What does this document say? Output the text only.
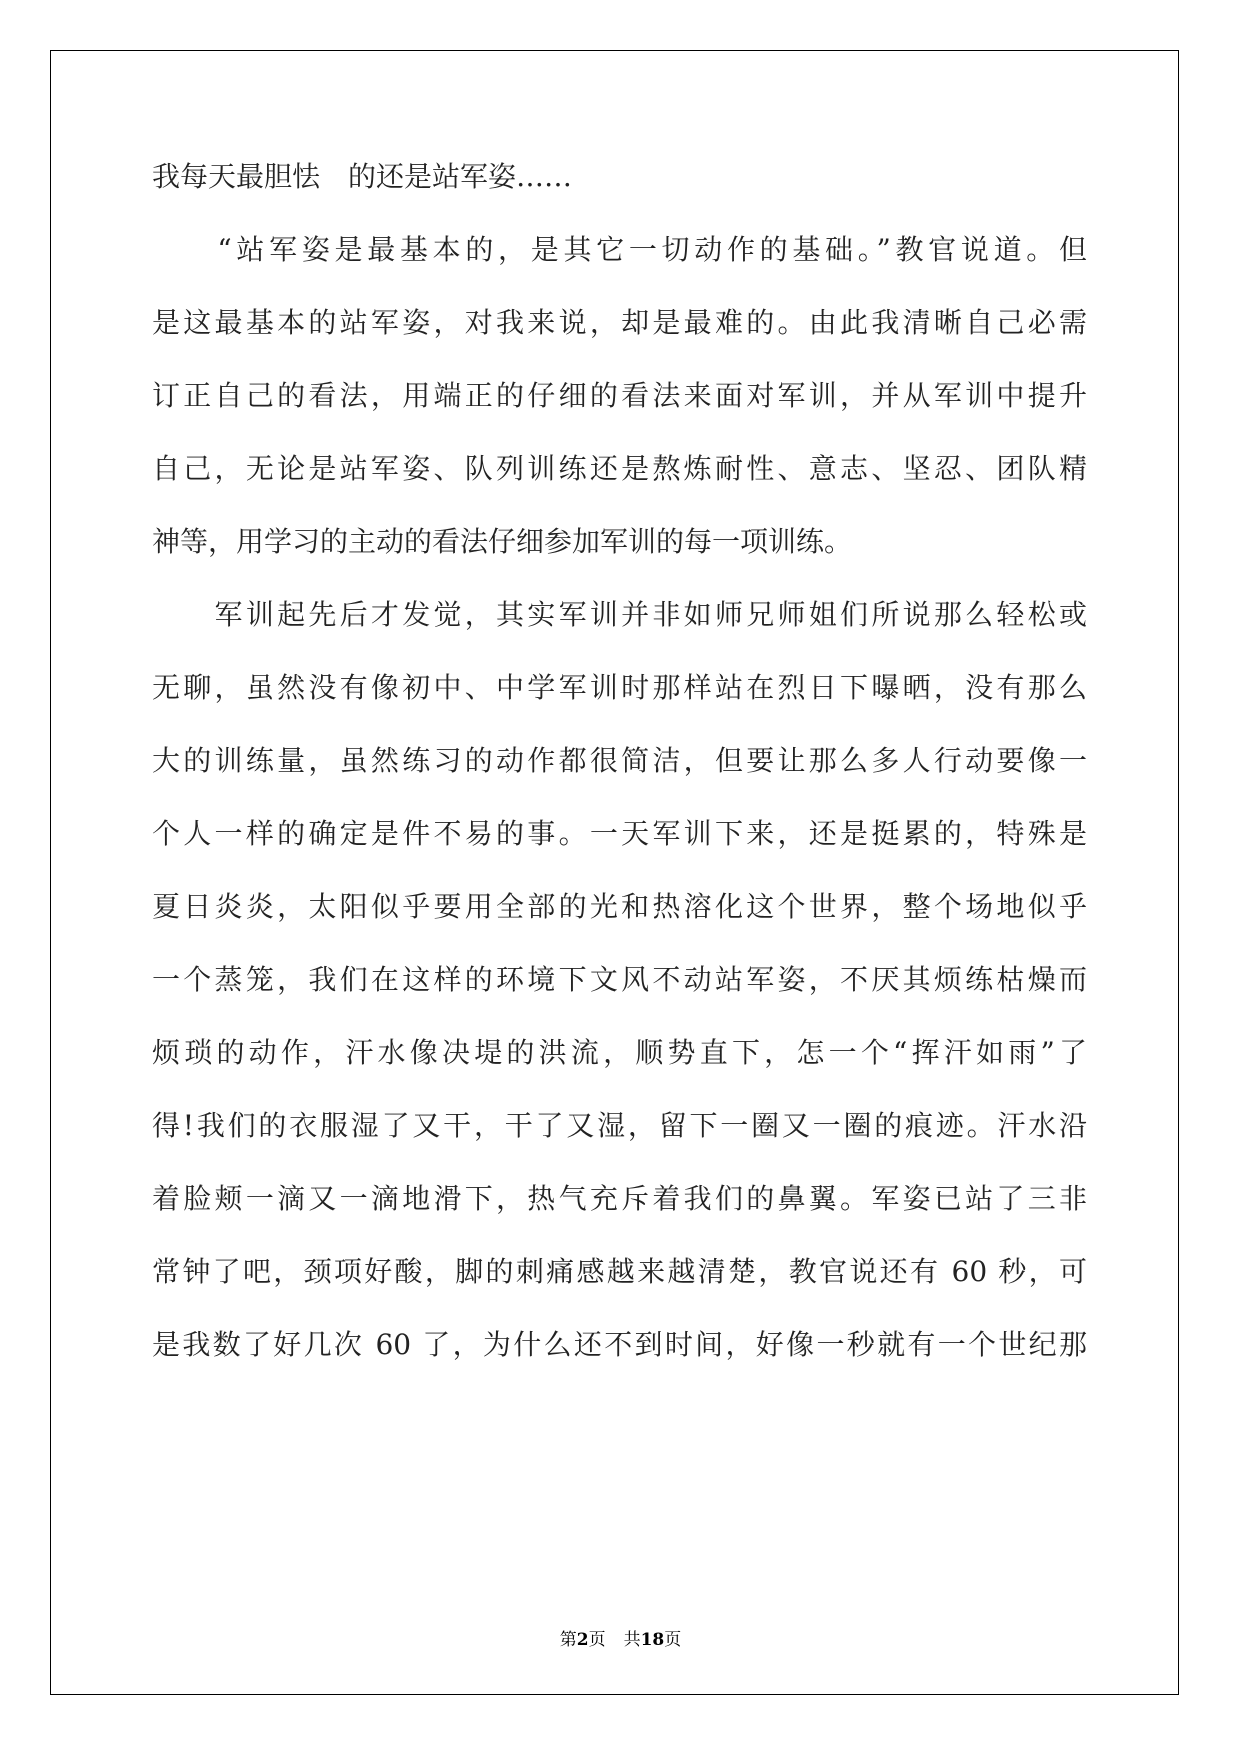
我每天最胆怯　的还是站军姿……
　　“站军姿是最基本的，是其它一切动作的基础。”教官说道。但
是这最基本的站军姿，对我来说，却是最难的。由此我清晰自己必需
订正自己的看法，用端正的仔细的看法来面对军训，并从军训中提升
自己，无论是站军姿、队列训练还是熬炼耐性、意志、坚忍、团队精
神等，用学习的主动的看法仔细参加军训的每一项训练。
　　军训起先后才发觉，其实军训并非如师兄师姐们所说那么轻松或
无聊，虽然没有像初中、中学军训时那样站在烈日下曝晒，没有那么
大的训练量，虽然练习的动作都很简洁，但要让那么多人行动要像一
个人一样的确定是件不易的事。一天军训下来，还是挺累的，特殊是
夏日炎炎，太阳似乎要用全部的光和热溶化这个世界，整个场地似乎
一个蒸笼，我们在这样的环境下文风不动站军姿，不厌其烦练枯燥而
烦琐的动作，汗水像决堤的洪流，顺势直下，怎一个“挥汗如雨”了
得!我们的衣服湿了又干，干了又湿，留下一圈又一圈的痕迹。汗水沿
着脸颊一滴又一滴地滑下，热气充斥着我们的鼻翼。军姿已站了三非
常钟了吧，颈项好酸，脚的刺痛感越来越清楚，教官说还有 60 秒，可
是我数了好几次 60 了，为什么还不到时间，好像一秒就有一个世纪那
第2页 共18页
